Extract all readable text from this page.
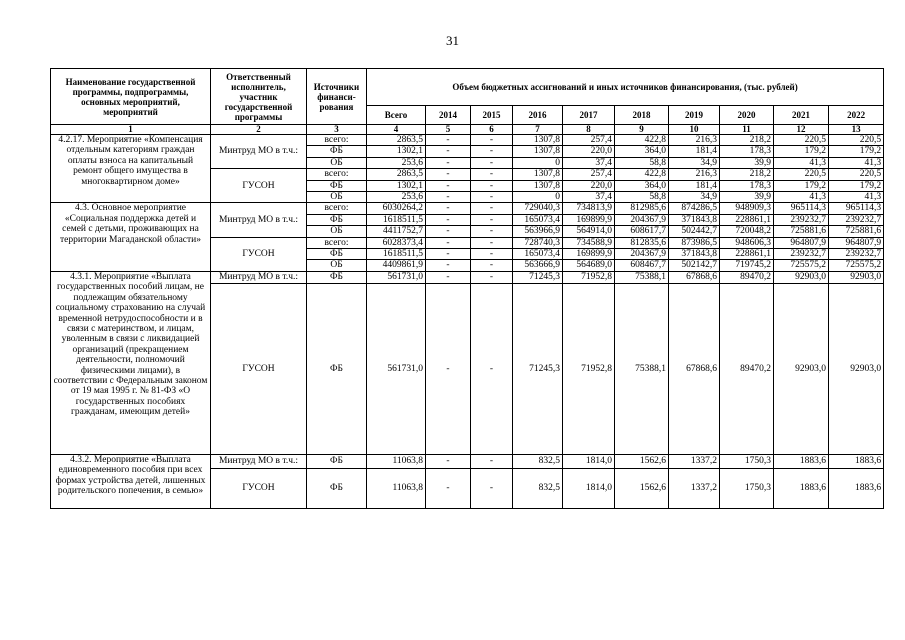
31
Наименование государственной программы, подпрограммы, основных мероприятий, мероприятий	Ответственный исполнитель, участник государственной программы	Источники финанси-рования	Объем бюджетных ассигнований и иных источников финансирования, (тыс. рублей)									
			Всего	2014	2015	2016	2017	2018	2019	2020	2021	2022
1	2	3	4	5	6	7	8	9	10	11	12	13
4.2.17. Мероприятие «Компенсация отдельным категориям граждан оплаты взноса на капитальный ремонт общего имущества в многоквартирном доме»	Минтруд МО в т.ч.:	всего:	2863,5	-	-	1307,8	257,4	422,8	216,3	218,2	220,5	220,5
		ФБ	1302,1	-	-	1307,8	220,0	364,0	181,4	178,3	179,2	179,2
		ОБ	253,6	-	-	0	37,4	58,8	34,9	39,9	41,3	41,3
	ГУСОН	всего:	2863,5	-	-	1307,8	257,4	422,8	216,3	218,2	220,5	220,5
		ФБ	1302,1	-	-	1307,8	220,0	364,0	181,4	178,3	179,2	179,2
		ОБ	253,6	-	-	0	37,4	58,8	34,9	39,9	41,3	41,3
4.3. Основное мероприятие «Социальная поддержка детей и семей с детьми, проживающих на территории Магаданской области»	Минтруд МО в т.ч.:	всего:	6030264,2	-	-	729040,3	734813,9	812985,6	874286,5	948909,3	965114,3	965114,3
		ФБ	1618511,5	-	-	165073,4	169899,9	204367,9	371843,8	228861,1	239232,7	239232,7
		ОБ	4411752,7	-	-	563966,9	564914,0	608617,7	502442,7	720048,2	725881,6	725881,6
	ГУСОН	всего:	6028373,4	-	-	728740,3	734588,9	812835,6	873986,5	948606,3	964807,9	964807,9
		ФБ	1618511,5	-	-	165073,4	169899,9	204367,9	371843,8	228861,1	239232,7	239232,7
		ОБ	4409861,9	-	-	563666,9	564689,0	608467,7	502142,7	719745,2	725575,2	725575,2
4.3.1. Мероприятие «Выплата государственных пособий лицам, не подлежащим обязательному социальному страхованию на случай временной нетрудоспособности и в связи с материнством, и лицам, уволенным в связи с ликвидацией организаций (прекращением деятельности, полномочий физическими лицами), в соответствии с Федеральным законом от 19 мая 1995 г. № 81-ФЗ «О государственных пособиях гражданам, имеющим детей»	Минтруд МО в т.ч.:	ФБ	561731,0	-	-	71245,3	71952,8	75388,1	67868,6	89470,2	92903,0	92903,0
	ГУСОН	ФБ	561731,0	-	-	71245,3	71952,8	75388,1	67868,6	89470,2	92903,0	92903,0
4.3.2. Мероприятие «Выплата единовременного пособия при всех формах устройства детей, лишенных родительского попечения, в семью»	Минтруд МО в т.ч.:	ФБ	11063,8	-	-	832,5	1814,0	1562,6	1337,2	1750,3	1883,6	1883,6
	ГУСОН	ФБ	11063,8	-	-	832,5	1814,0	1562,6	1337,2	1750,3	1883,6	1883,6
